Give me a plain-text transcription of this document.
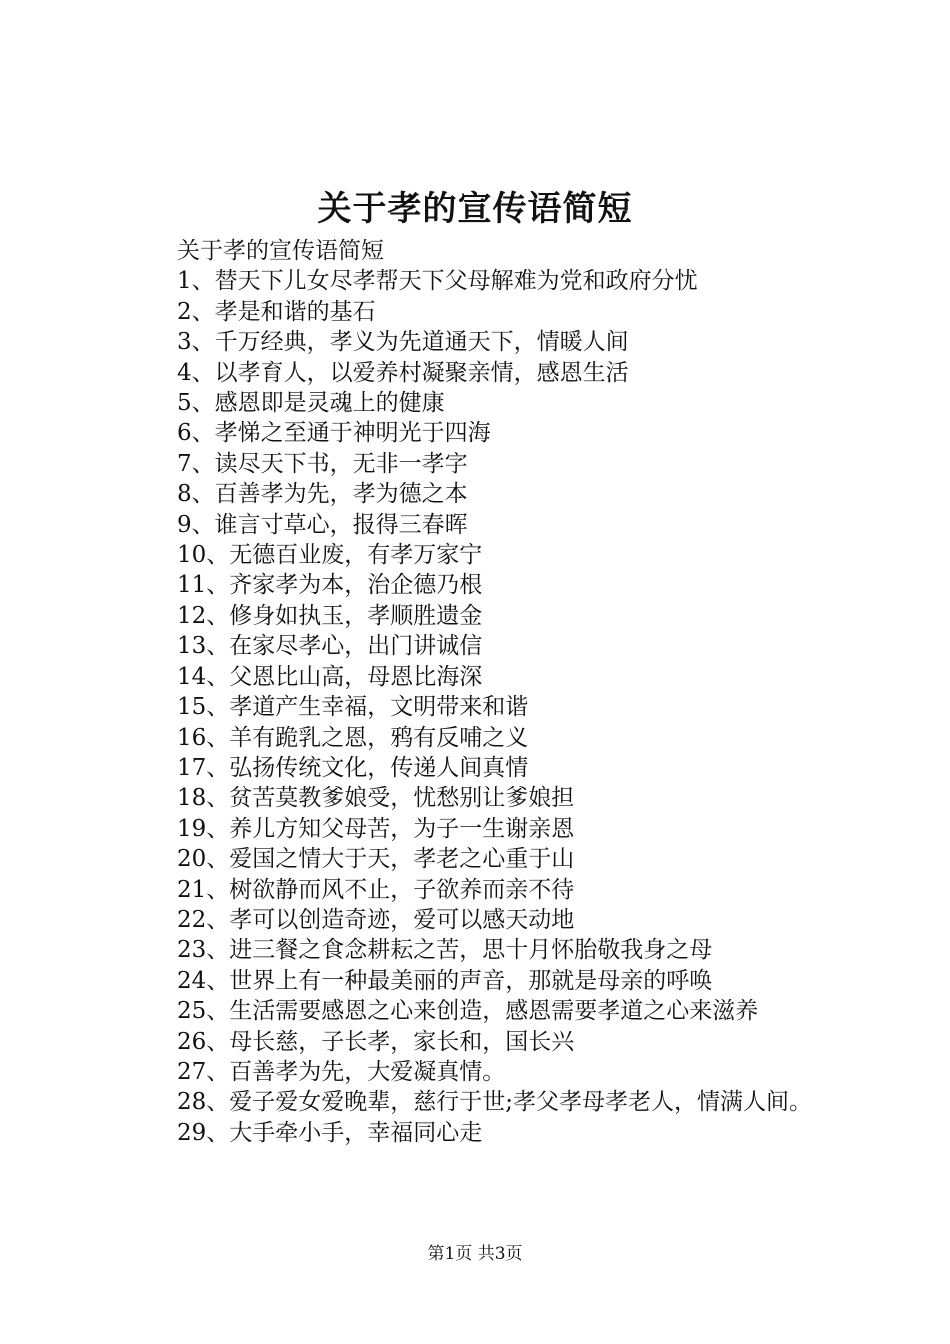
关于孝的宣传语简短

关于孝的宣传语简短

1、替天下儿女尽孝帮天下父母解难为党和政府分忧

2、孝是和谐的基石

3、千万经典，孝义为先道通天下，情暖人间

4、以孝育人，以爱养村凝聚亲情，感恩生活

5、感恩即是灵魂上的健康

6、孝悌之至通于神明光于四海

7、读尽天下书，无非一孝字

8、百善孝为先，孝为德之本

9、谁言寸草心，报得三春晖

10、无德百业废，有孝万家宁

11、齐家孝为本，治企德乃根

12、修身如执玉，孝顺胜遗金

13、在家尽孝心，出门讲诚信

14、父恩比山高，母恩比海深

15、孝道产生幸福，文明带来和谐

16、羊有跪乳之恩，鸦有反哺之义

17、弘扬传统文化，传递人间真情

18、贫苦莫教爹娘受，忧愁别让爹娘担

19、养儿方知父母苦，为子一生谢亲恩

20、爱国之情大于天，孝老之心重于山

21、树欲静而风不止，子欲养而亲不待

22、孝可以创造奇迹，爱可以感天动地

23、进三餐之食念耕耘之苦，思十月怀胎敬我身之母

24、世界上有一种最美丽的声音，那就是母亲的呼唤

25、生活需要感恩之心来创造，感恩需要孝道之心来滋养

26、母长慈，子长孝，家长和，国长兴

27、百善孝为先，大爱凝真情。

28、爱子爱女爱晚辈，慈行于世;孝父孝母孝老人，情满人间。

29、大手牵小手，幸福同心走

第1页 共3页
